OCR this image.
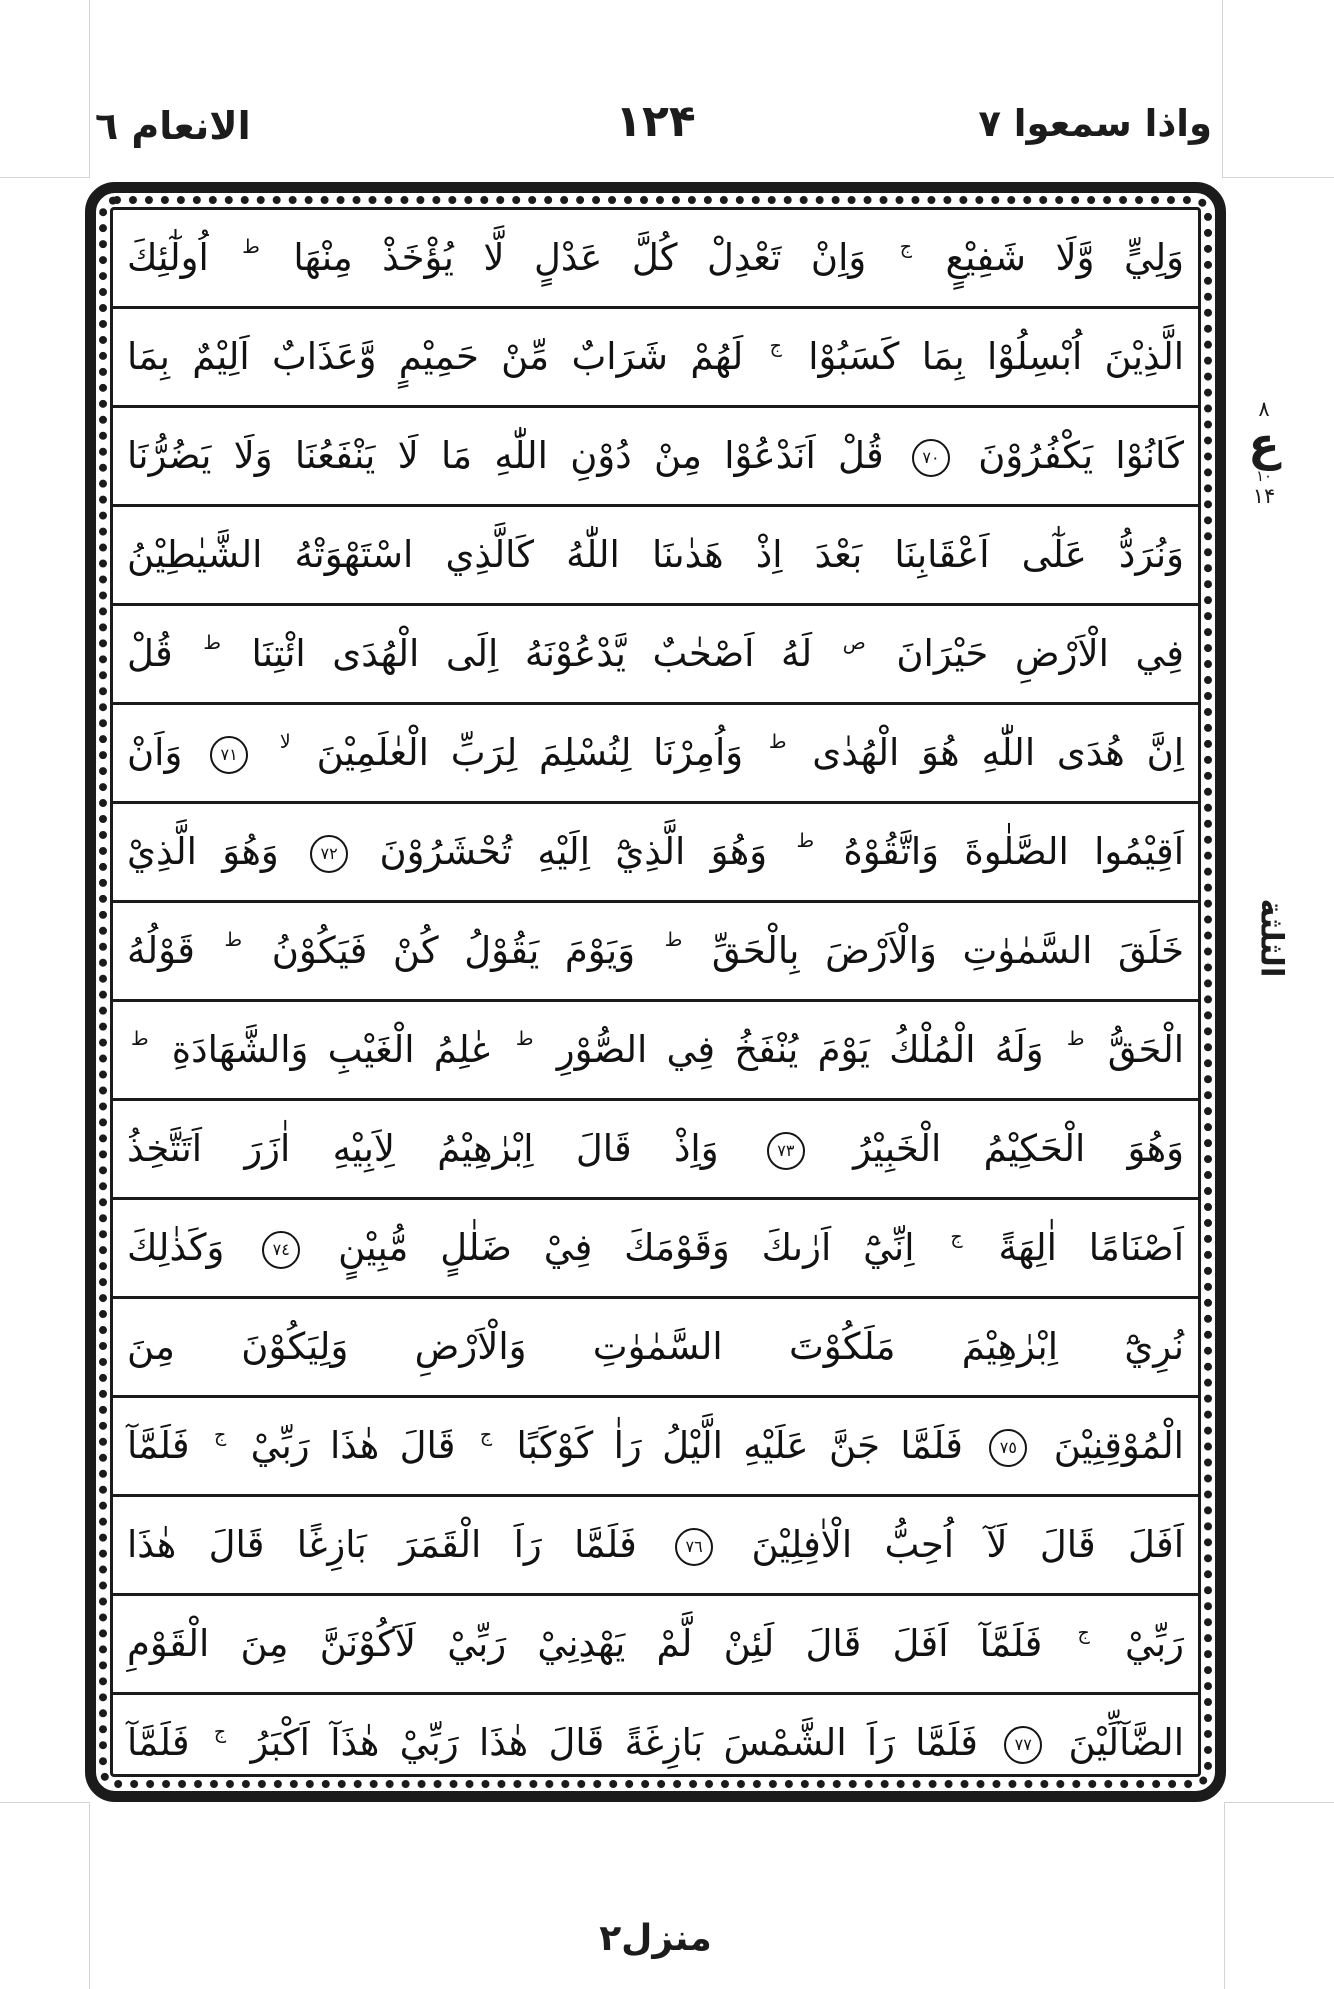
الانعام ٦	۱۲۴	واذا سمعوا ۷
وَلِيٍّ وَّلَا شَفِيْعٍ ج وَاِنْ تَعْدِلْ كُلَّ عَدْلٍ لَّا يُؤْخَذْ مِنْهَا ط اُولٰٓئِكَ
الَّذِيْنَ اُبْسِلُوْا بِمَا كَسَبُوْا ج لَهُمْ شَرَابٌ مِّنْ حَمِيْمٍ وَّعَذَابٌ اَلِيْمٌ بِمَا
كَانُوْا يَكْفُرُوْنَ ٧٠ قُلْ اَنَدْعُوْا مِنْ دُوْنِ اللّٰهِ مَا لَا يَنْفَعُنَا وَلَا يَضُرُّنَا
وَنُرَدُّ عَلٰٓى اَعْقَابِنَا بَعْدَ اِذْ هَدٰىنَا اللّٰهُ كَالَّذِي اسْتَهْوَتْهُ الشَّيٰطِيْنُ
فِي الْاَرْضِ حَيْرَانَ ص لَهُ اَصْحٰبٌ يَّدْعُوْنَهُ اِلَى الْهُدَى ائْتِنَا ط قُلْ
اِنَّ هُدَى اللّٰهِ هُوَ الْهُدٰى ط وَاُمِرْنَا لِنُسْلِمَ لِرَبِّ الْعٰلَمِيْنَ لا ٧١ وَاَنْ
اَقِيْمُوا الصَّلٰوةَ وَاتَّقُوْهُ ط وَهُوَ الَّذِيْٓ اِلَيْهِ تُحْشَرُوْنَ ٧٢ وَهُوَ الَّذِيْ
خَلَقَ السَّمٰوٰتِ وَالْاَرْضَ بِالْحَقِّ ط وَيَوْمَ يَقُوْلُ كُنْ فَيَكُوْنُ ط قَوْلُهُ
الْحَقُّ ط وَلَهُ الْمُلْكُ يَوْمَ يُنْفَخُ فِي الصُّوْرِ ط عٰلِمُ الْغَيْبِ وَالشَّهَادَةِ ط
وَهُوَ الْحَكِيْمُ الْخَبِيْرُ ٧٣ وَاِذْ قَالَ اِبْرٰهِيْمُ لِاَبِيْهِ اٰزَرَ اَتَتَّخِذُ
اَصْنَامًا اٰلِهَةً ج اِنِّيْٓ اَرٰىكَ وَقَوْمَكَ فِيْ ضَلٰلٍ مُّبِيْنٍ ٧٤ وَكَذٰلِكَ
نُرِيْٓ اِبْرٰهِيْمَ مَلَكُوْتَ السَّمٰوٰتِ وَالْاَرْضِ وَلِيَكُوْنَ مِنَ
الْمُوْقِنِيْنَ ٧٥ فَلَمَّا جَنَّ عَلَيْهِ الَّيْلُ رَاٰ كَوْكَبًا ج قَالَ هٰذَا رَبِّيْ ج فَلَمَّآ
اَفَلَ قَالَ لَآ اُحِبُّ الْاٰفِلِيْنَ ٧٦ فَلَمَّا رَاَ الْقَمَرَ بَازِغًا قَالَ هٰذَا
رَبِّيْ ج فَلَمَّآ اَفَلَ قَالَ لَئِنْ لَّمْ يَهْدِنِيْ رَبِّيْ لَاَكُوْنَنَّ مِنَ الْقَوْمِ
الضَّآلِّيْنَ ٧٧ فَلَمَّا رَاَ الشَّمْسَ بَازِغَةً قَالَ هٰذَا رَبِّيْ هٰذَآ اَكْبَرُ ج فَلَمَّآ
٨
ع
١٠
۱۴
الثلثة
منزل٢
